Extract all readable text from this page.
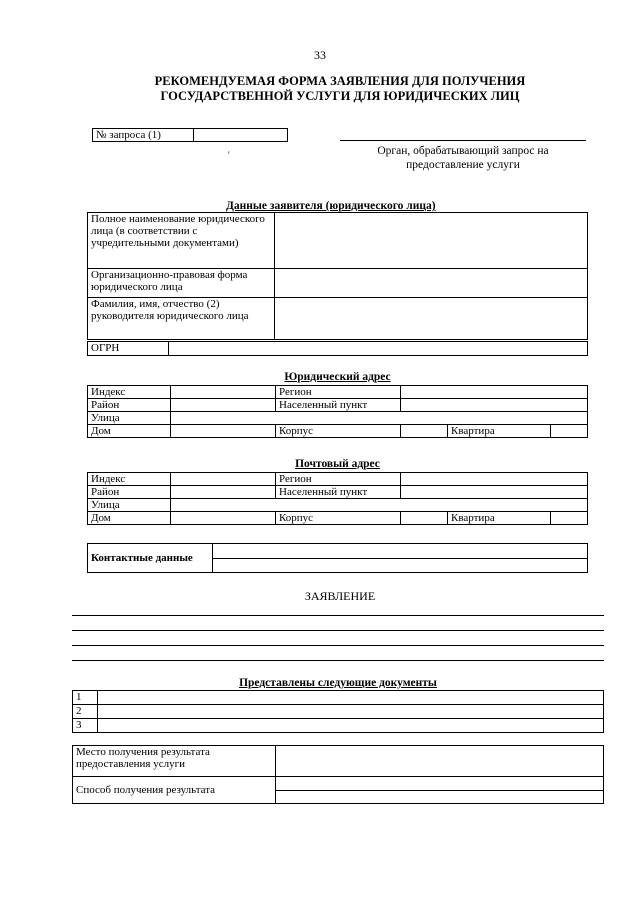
33
РЕКОМЕНДУЕМАЯ ФОРМА ЗАЯВЛЕНИЯ ДЛЯ ПОЛУЧЕНИЯ
ГОСУДАРСТВЕННОЙ УСЛУГИ ДЛЯ ЮРИДИЧЕСКИХ ЛИЦ
№ запроса (1)	
'	Орган, обрабатывающий запрос на
предоставление услуги
Данные заявителя (юридического лица)
Полное наименование юридического лица (в соответствии с учредительными документами)	
Организационно-правовая форма юридического лица	
Фамилия, имя, отчество (2) руководителя юридического лица	
ОГРН	
Юридический адрес
Индекс		Регион			
Район		Населенный пункт			
Улица					
Дом		Корпус		Квартира	
Почтовый адрес
Индекс		Регион			
Район		Населенный пункт			
Улица					
Дом		Корпус		Квартира	
Контактные данные	
ЗАЯВЛЕНИЕ
Представлены следующие документы
1	
2	
3	
Место получения результата предоставления услуги	
Способ получения результата	
